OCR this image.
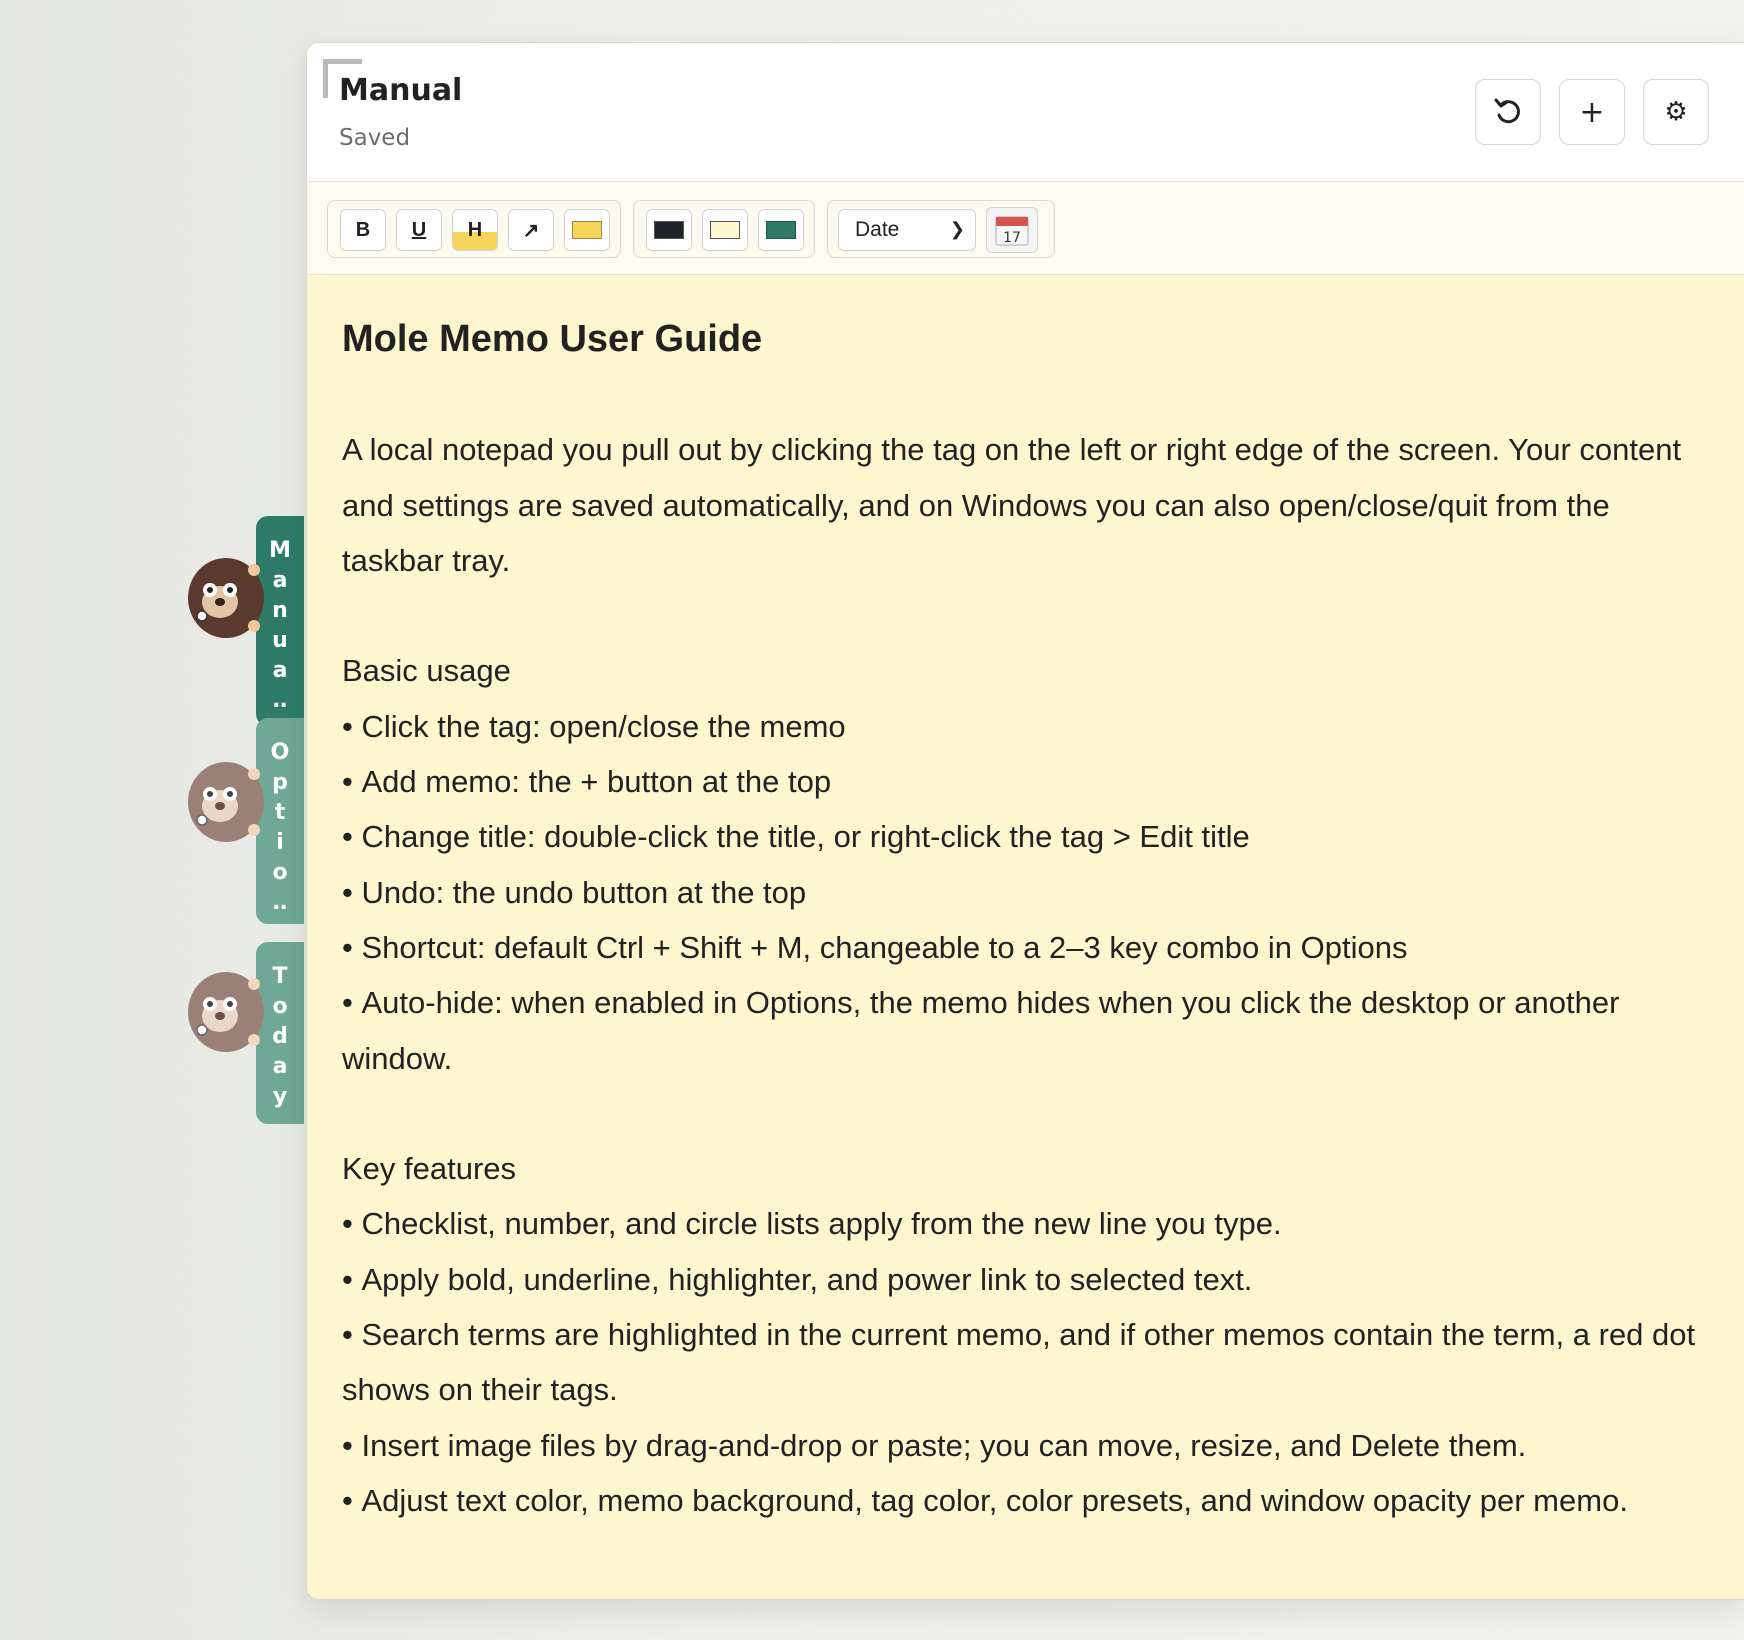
M
a
n
u
a
‥
O
p
t
i
o
‥
T
o
d
a
y
Manual
Saved
+ ⚙
B	U	H	↗	Date	❯	17
Mole Memo User Guide
A local notepad you pull out by clicking the tag on the left or right edge of the screen. Your content and settings are saved automatically, and on Windows you can also open/close/quit from the taskbar tray.
Basic usage
• Click the tag: open/close the memo
• Add memo: the + button at the top
• Change title: double-click the title, or right-click the tag > Edit title
• Undo: the undo button at the top
• Shortcut: default Ctrl + Shift + M, changeable to a 2–3 key combo in Options
• Auto-hide: when enabled in Options, the memo hides when you click the desktop or another window.
Key features
• Checklist, number, and circle lists apply from the new line you type.
• Apply bold, underline, highlighter, and power link to selected text.
• Search terms are highlighted in the current memo, and if other memos contain the term, a red dot shows on their tags.
• Insert image files by drag-and-drop or paste; you can move, resize, and Delete them.
• Adjust text color, memo background, tag color, color presets, and window opacity per memo.
